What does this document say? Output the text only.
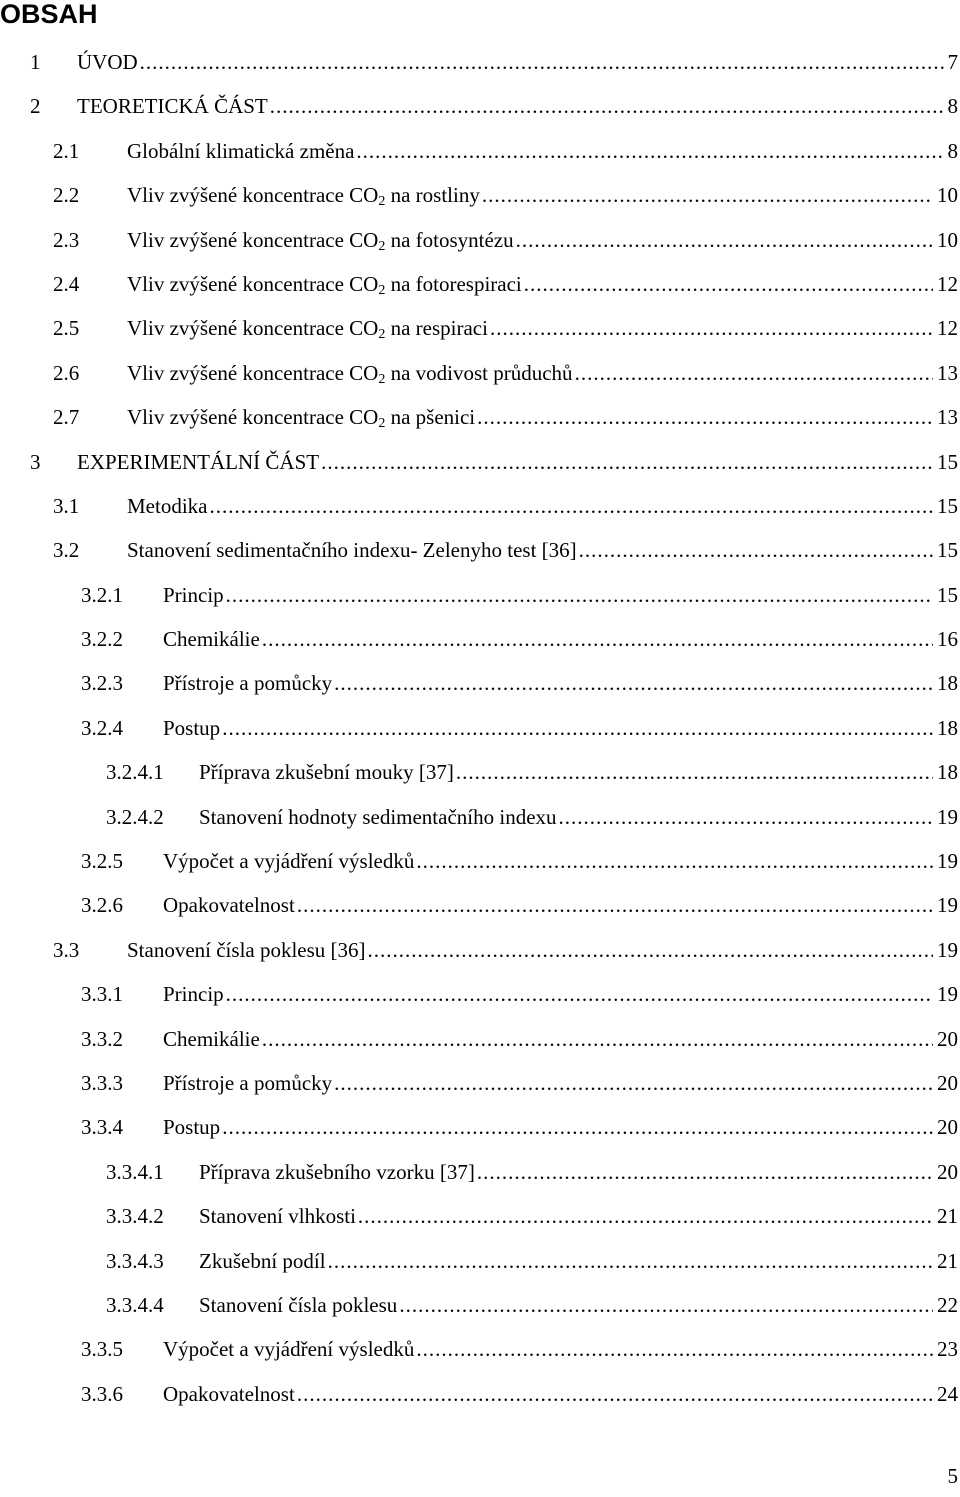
OBSAH
1	ÚVOD .....	7
2	TEORETICKÁ ČÁST .....	8
2.1	Globální klimatická změna .....	8
2.2	Vliv zvýšené koncentrace $CO_2$ na rostliny .....	10
2.3	Vliv zvýšené koncentrace $CO_2$ na fotosyntézu .....	10
2.4	Vliv zvýšené koncentrace $CO_2$ na fotorespiraci .....	12
2.5	Vliv zvýšené koncentrace $CO_2$ na respiraci .....	12
2.6	Vliv zvýšené koncentrace $CO_2$ na vodivost průduchů .....	13
2.7	Vliv zvýšené koncentrace $CO_2$ na pšenici .....	13
3	EXPERIMENTÁLNÍ ČÁST .....	15
3.1	Metodika .....	15
3.2	Stanovení sedimentačního indexu- Zelenyho test [36] .....	15
3.2.1	Princip .....	15
3.2.2	Chemikálie .....	16
3.2.3	Přístroje a pomůcky .....	18
3.2.4	Postup .....	18
3.2.4.1	Příprava zkušební mouky [37] .....	18
3.2.4.2	Stanovení hodnoty sedimentačního indexu .....	19
3.2.5	Výpočet a vyjádření výsledků .....	19
3.2.6	Opakovatelnost .....	19
3.3	Stanovení čísla poklesu [36] .....	19
3.3.1	Princip .....	19
3.3.2	Chemikálie .....	20
3.3.3	Přístroje a pomůcky .....	20
3.3.4	Postup .....	20
3.3.4.1	Příprava zkušebního vzorku [37] .....	20
3.3.4.2	Stanovení vlhkosti .....	21
3.3.4.3	Zkušební podíl .....	21
3.3.4.4	Stanovení čísla poklesu .....	22
3.3.5	Výpočet a vyjádření výsledků .....	23
3.3.6	Opakovatelnost .....	24
5
